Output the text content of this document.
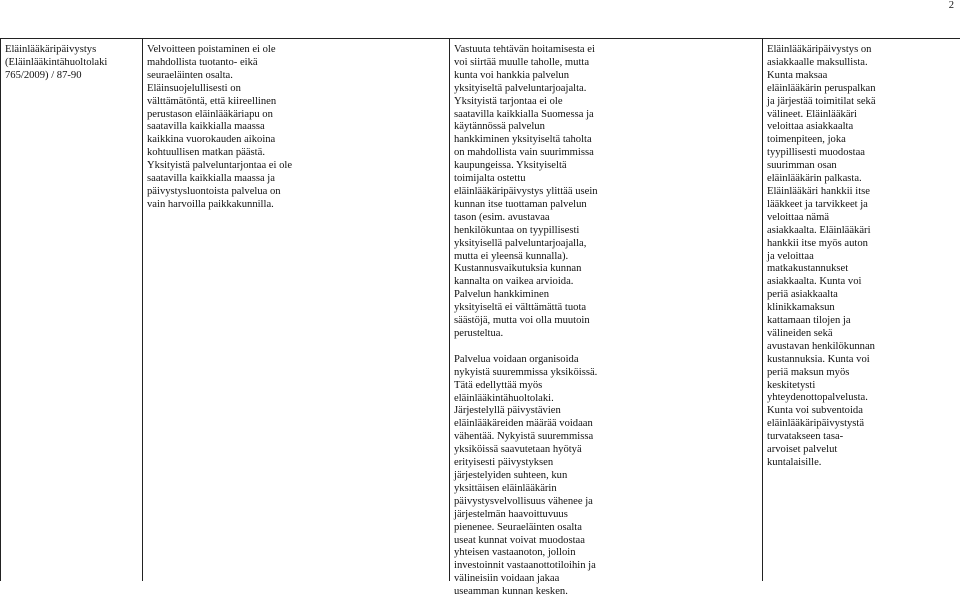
2
Eläinlääkäripäivystys
(Eläinlääkintähuoltolaki
765/2009) / 87-90
Velvoitteen poistaminen ei ole
mahdollista tuotanto- eikä
seuraeläinten osalta.
Eläinsuojelullisesti on
välttämätöntä, että kiireellinen
perustason eläinlääkäriapu on
saatavilla kaikkialla maassa
kaikkina vuorokauden aikoina
kohtuullisen matkan päästä.
Yksityistä palveluntarjontaa ei ole
saatavilla kaikkialla maassa ja
päivystysluontoista palvelua on
vain harvoilla paikkakunnilla.
Vastuuta tehtävän hoitamisesta ei
voi siirtää muulle taholle, mutta
kunta voi hankkia palvelun
yksityiseltä palveluntarjoajalta.
Yksityistä tarjontaa ei ole
saatavilla kaikkialla Suomessa ja
käytännössä palvelun
hankkiminen yksityiseltä taholta
on mahdollista vain suurimmissa
kaupungeissa. Yksityiseltä
toimijalta ostettu
eläinlääkäripäivystys ylittää usein
kunnan itse tuottaman palvelun
tason (esim. avustavaa
henkilökuntaa on tyypillisesti
yksityisellä palveluntarjoajalla,
mutta ei yleensä kunnalla).
Kustannusvaikutuksia kunnan
kannalta on vaikea arvioida.
Palvelun hankkiminen
yksityiseltä ei välttämättä tuota
säästöjä, mutta voi olla muutoin
perusteltua.
Palvelua voidaan organisoida
nykyistä suuremmissa yksiköissä.
Tätä edellyttää myös
eläinlääkintähuoltolaki.
Järjestelyllä päivystävien
eläinlääkäreiden määrää voidaan
vähentää. Nykyistä suuremmissa
yksiköissä saavutetaan hyötyä
erityisesti päivystyksen
järjestelyiden suhteen, kun
yksittäisen eläinlääkärin
päivystysvelvollisuus vähenee ja
järjestelmän haavoittuvuus
pienenee. Seurаeläinten osalta
useat kunnat voivat muodostaa
yhteisen vastaanoton, jolloin
investoinnit vastaanottotiloihin ja
välineisiin voidaan jakaa
useamman kunnan kesken.
Eläinlääkäripäivystys on
asiakkaalle maksullista.
Kunta maksaa
eläinlääkärin peruspalkan
ja järjestää toimitilat sekä
välineet. Eläinlääkäri
veloittaa asiakkaalta
toimenpiteen, joka
tyypillisesti muodostaa
suurimman osan
eläinlääkärin palkasta.
Eläinlääkäri hankkii itse
lääkkeet ja tarvikkeet ja
veloittaa nämä
asiakkaalta. Eläinlääkäri
hankkii itse myös auton
ja veloittaa
matkakustannukset
asiakkaalta. Kunta voi
periä asiakkaalta
klinikkamaksun
kattamaan tilojen ja
välineiden sekä
avustavan henkilökunnan
kustannuksia. Kunta voi
periä maksun myös
keskitetysti
yhteydenottopalvelusta.
Kunta voi subventoida
eläinlääkäripäivystystä
turvatakseen tasa-
arvoiset palvelut
kuntalaisille.
